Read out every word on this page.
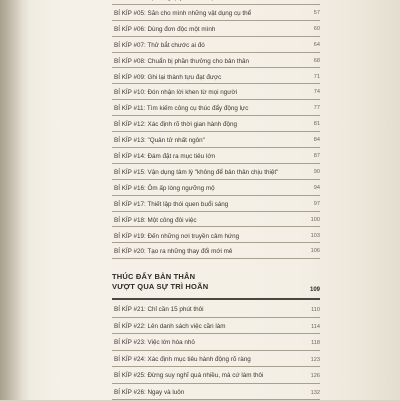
BÍ KÍP #05: Săn cho mình những vật dụng cụ thể	57
BÍ KÍP #06: Dùng đơn độc một mình	60
BÍ KÍP #07: Thử bắt chước ai đó	64
BÍ KÍP #08: Chuẩn bị phần thưởng cho bản thân	68
BÍ KÍP #09: Ghi lại thành tựu đạt được	71
BÍ KÍP #10: Đón nhận lời khen từ mọi người	74
BÍ KÍP #11: Tìm kiếm công cụ thúc đẩy động lực	77
BÍ KÍP #12: Xác định rõ thời gian hành động	81
BÍ KÍP #13: "Quản tử nhất ngôn"	84
BÍ KÍP #14: Đám đặt ra mục tiêu lớn	87
BÍ KÍP #15: Vận dụng tâm lý "không để bản thân chịu thiệt"	90
BÍ KÍP #16: Ôm ấp lòng ngưỡng mộ	94
BÍ KÍP #17: Thiết lập thói quen buổi sáng	97
BÍ KÍP #18: Một công đôi việc	100
BÍ KÍP #19: Đến những nơi truyền cảm hứng	103
BÍ KÍP #20: Tạo ra những thay đổi mới mẻ	106
THÚC ĐẨY BẢN THÂN
VƯỢT QUA SỰ TRÌ HOÃN	109
BÍ KÍP #21: Chỉ cần 15 phút thôi	110
BÍ KÍP #22: Lên danh sách việc cần làm	114
BÍ KÍP #23: Việc lớn hóa nhỏ	118
BÍ KÍP #24: Xác định mục tiêu hành động rõ ràng	123
BÍ KÍP #25: Đừng suy nghĩ quá nhiều, mà cứ làm thôi	126
BÍ KÍP #26: Ngay và luôn	132
